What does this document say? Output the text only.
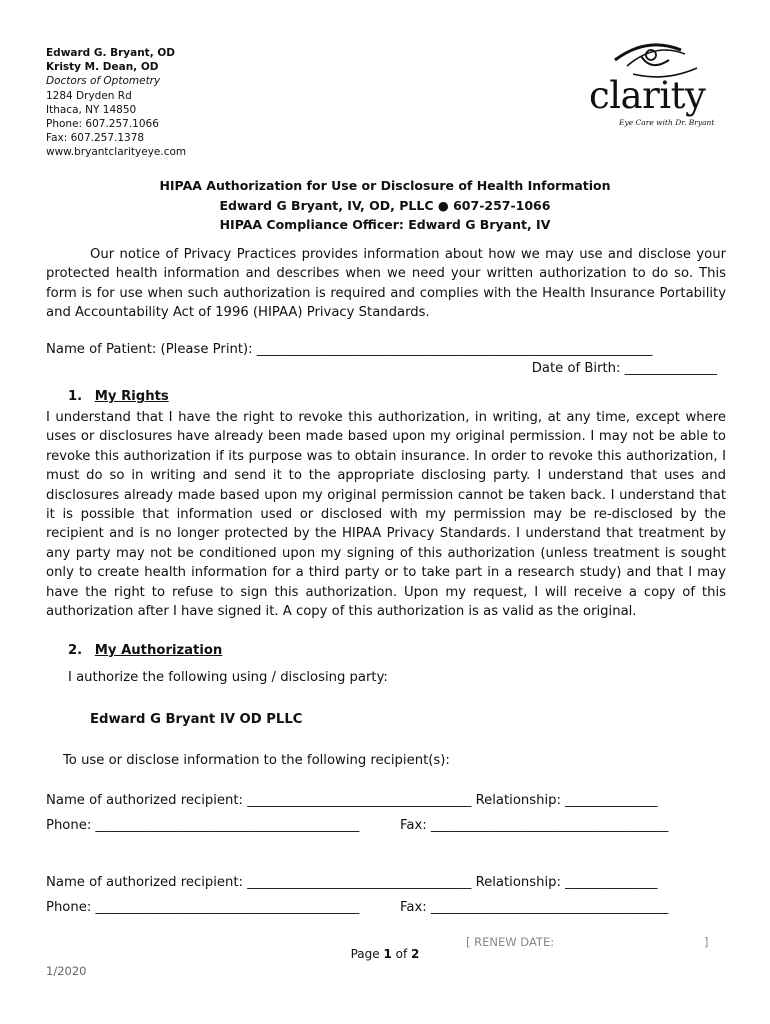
Edward G. Bryant, OD
Kristy M. Dean, OD
Doctors of Optometry
1284 Dryden Rd
Ithaca, NY 14850
Phone: 607.257.1066
Fax: 607.257.1378
www.bryantclarityeye.com
clarity
Eye Care with Dr. Bryant
HIPAA Authorization for Use or Disclosure of Health Information
Edward G Bryant, IV, OD, PLLC ● 607-257-1066
HIPAA Compliance Officer: Edward G Bryant, IV
Our notice of Privacy Practices provides information about how we may use and disclose your protected health information and describes when we need your written authorization to do so. This form is for use when such authorization is required and complies with the Health Insurance Portability and Accountability Act of 1996 (HIPAA) Privacy Standards.
Name of Patient: (Please Print): ____________________________________________________________
Date of Birth: ______________
1. My Rights
I understand that I have the right to revoke this authorization, in writing, at any time, except where uses or disclosures have already been made based upon my original permission. I may not be able to revoke this authorization if its purpose was to obtain insurance. In order to revoke this authorization, I must do so in writing and send it to the appropriate disclosing party. I understand that uses and disclosures already made based upon my original permission cannot be taken back. I understand that it is possible that information used or disclosed with my permission may be re-disclosed by the recipient and is no longer protected by the HIPAA Privacy Standards. I understand that treatment by any party may not be conditioned upon my signing of this authorization (unless treatment is sought only to create health information for a third party or to take part in a research study) and that I may have the right to refuse to sign this authorization. Upon my request, I will receive a copy of this authorization after I have signed it. A copy of this authorization is as valid as the original.
2. My Authorization
I authorize the following using / disclosing party:
Edward G Bryant IV OD PLLC
To use or disclose information to the following recipient(s):
Name of authorized recipient: __________________________________ Relationship: ______________
Phone: ________________________________________	Fax: ____________________________________
Name of authorized recipient: __________________________________ Relationship: ______________
Phone: ________________________________________	Fax: ____________________________________
[ RENEW DATE:	]
Page 1 of 2
1/2020
